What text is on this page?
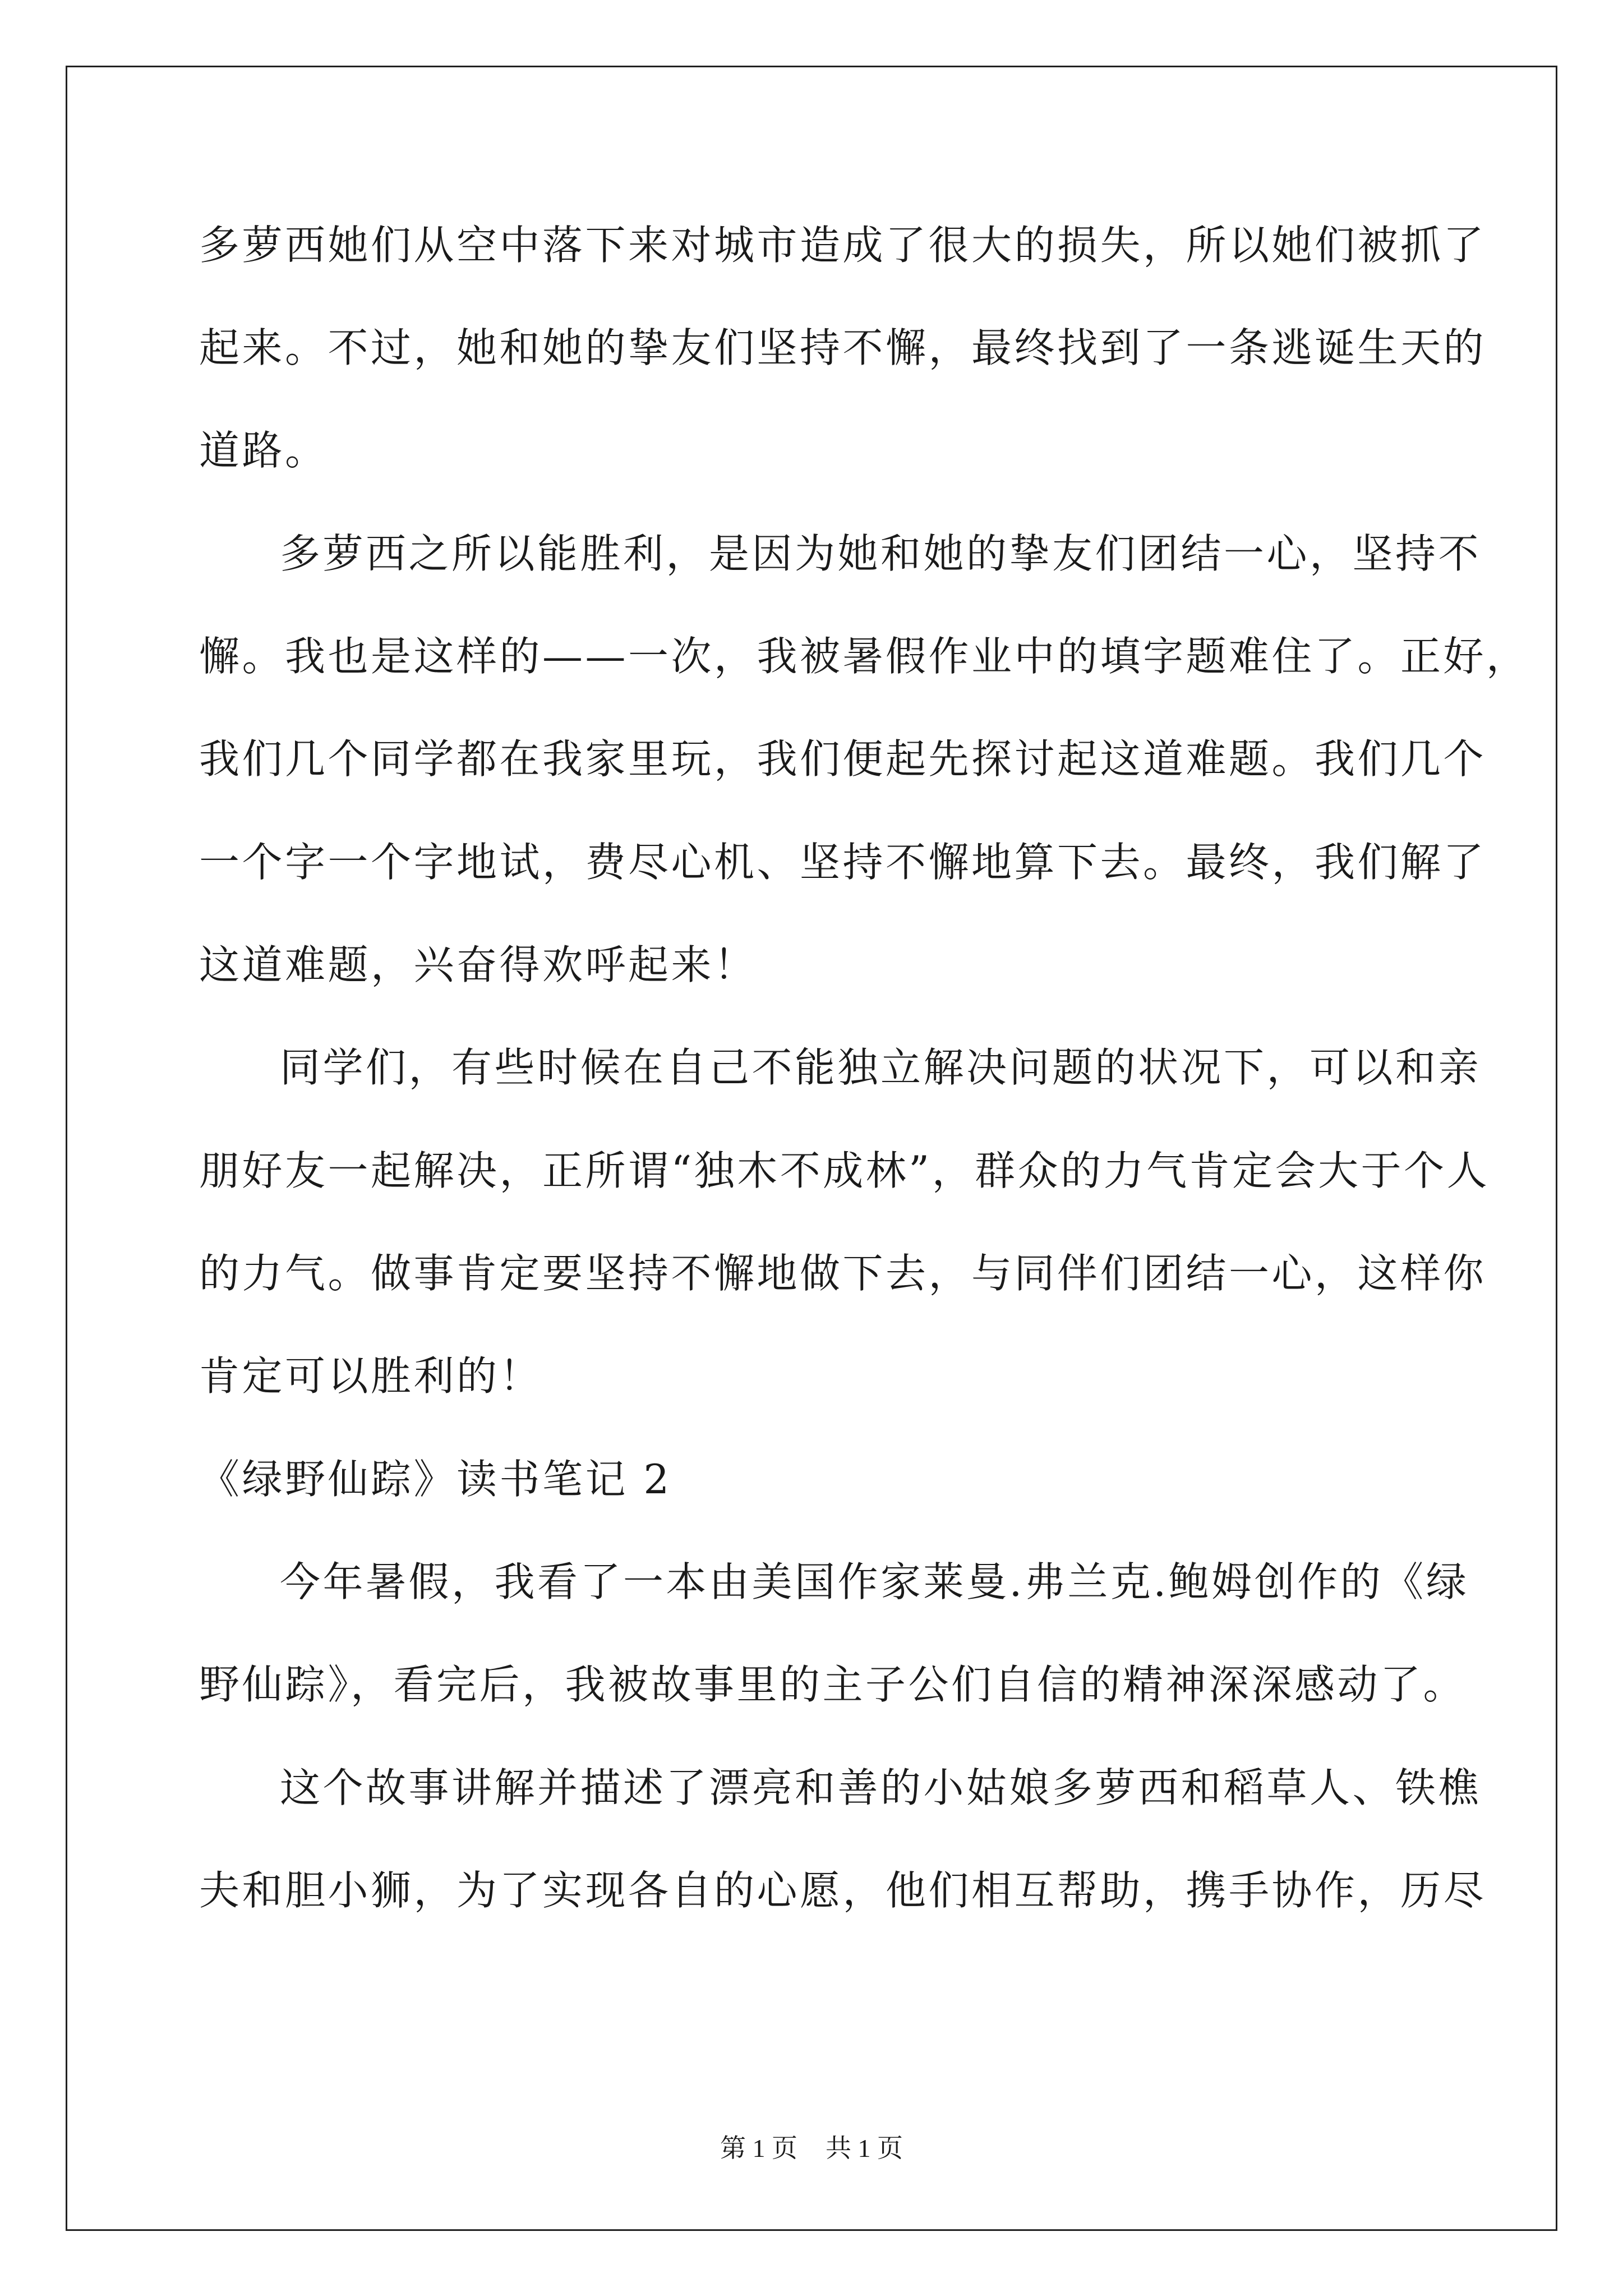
多萝西她们从空中落下来对城市造成了很大的损失，所以她们被抓了
起来。不过，她和她的挚友们坚持不懈，最终找到了一条逃诞生天的
道路。
多萝西之所以能胜利，是因为她和她的挚友们团结一心，坚持不
懈。我也是这样的——一次，我被暑假作业中的填字题难住了。正好，
我们几个同学都在我家里玩，我们便起先探讨起这道难题。我们几个
一个字一个字地试，费尽心机、坚持不懈地算下去。最终，我们解了
这道难题，兴奋得欢呼起来！
同学们，有些时候在自己不能独立解决问题的状况下，可以和亲
朋好友一起解决，正所谓“独木不成林”，群众的力气肯定会大于个人
的力气。做事肯定要坚持不懈地做下去，与同伴们团结一心，这样你
肯定可以胜利的！
《绿野仙踪》读书笔记 2
今年暑假，我看了一本由美国作家莱曼.弗兰克.鲍姆创作的《绿
野仙踪》，看完后，我被故事里的主子公们自信的精神深深感动了。
这个故事讲解并描述了漂亮和善的小姑娘多萝西和稻草人、铁樵
夫和胆小狮，为了实现各自的心愿，他们相互帮助，携手协作，历尽
第 1 页 共 1 页
